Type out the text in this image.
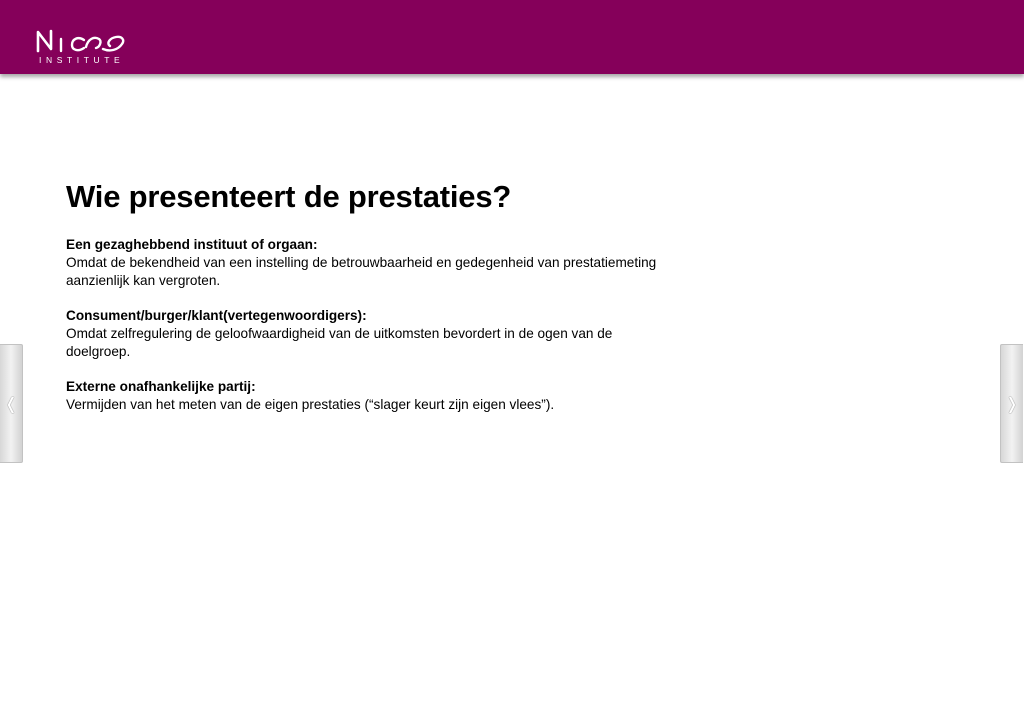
INSTITUTE
Wie presenteert de prestaties?
Een gezaghebbend instituut of orgaan:
Omdat de bekendheid van een instelling de betrouwbaarheid en gedegenheid van prestatiemeting aanzienlijk kan vergroten.
Consument/burger/klant(vertegenwoordigers):
Omdat zelfregulering de geloofwaardigheid van de uitkomsten bevordert in de ogen van de doelgroep.
Externe onafhankelijke partij:
Vermijden van het meten van de eigen prestaties (“slager keurt zijn eigen vlees”).
❬	❭
